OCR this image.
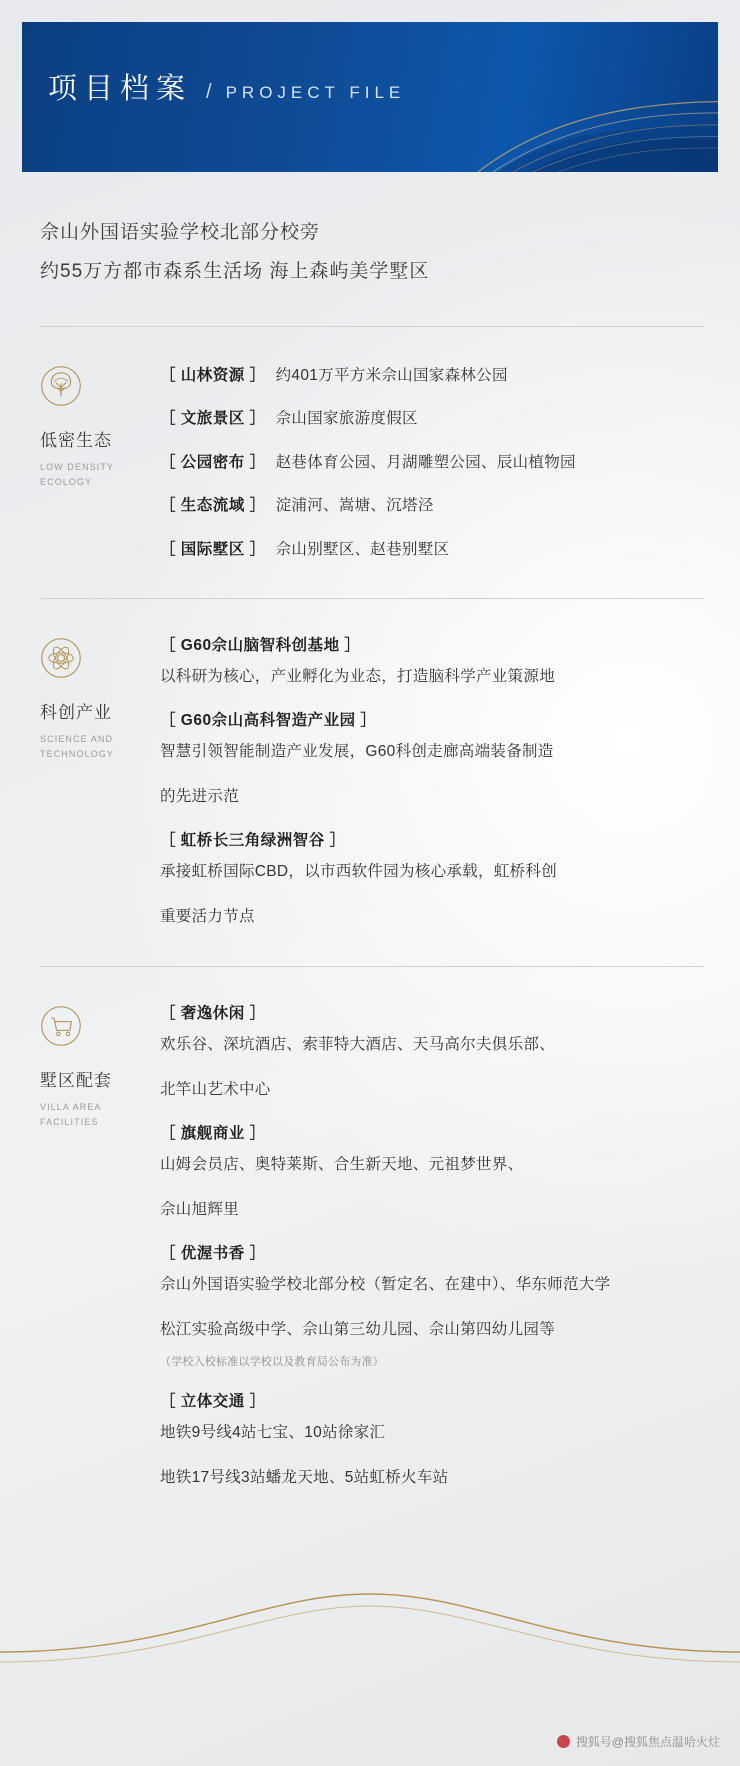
项目档案 / PROJECT FILE
佘山外国语实验学校北部分校旁
约55万方都市森系生活场 海上森屿美学墅区
低密生态
LOW DENSITY
ECOLOGY
［ 山林资源 ］ 约401万平方米佘山国家森林公园
［ 文旅景区 ］ 佘山国家旅游度假区
［ 公园密布 ］ 赵巷体育公园、月湖雕塑公园、辰山植物园
［ 生态流域 ］ 淀浦河、嵩塘、沉塔泾
［ 国际墅区 ］ 佘山别墅区、赵巷别墅区
科创产业
SCIENCE AND
TECHNOLOGY
［ G60佘山脑智科创基地 ］
以科研为核心，产业孵化为业态，打造脑科学产业策源地
［ G60佘山高科智造产业园 ］
智慧引领智能制造产业发展，G60科创走廊高端装备制造
的先进示范
［ 虹桥长三角绿洲智谷 ］
承接虹桥国际CBD，以市西软件园为核心承载，虹桥科创
重要活力节点
墅区配套
VILLA AREA
FACILITIES
［ 奢逸休闲 ］
欢乐谷、深坑酒店、索菲特大酒店、天马高尔夫俱乐部、
北竿山艺术中心
［ 旗舰商业 ］
山姆会员店、奥特莱斯、合生新天地、元祖梦世界、
佘山旭辉里
［ 优渥书香 ］
佘山外国语实验学校北部分校（暂定名、在建中）、华东师范大学
松江实验高级中学、佘山第三幼儿园、佘山第四幼儿园等
（学校入校标准以学校以及教育局公布为准）
［ 立体交通 ］
地铁9号线4站七宝、10站徐家汇
地铁17号线3站蟠龙天地、5站虹桥火车站
搜狐号@搜狐焦点温哈火炷
